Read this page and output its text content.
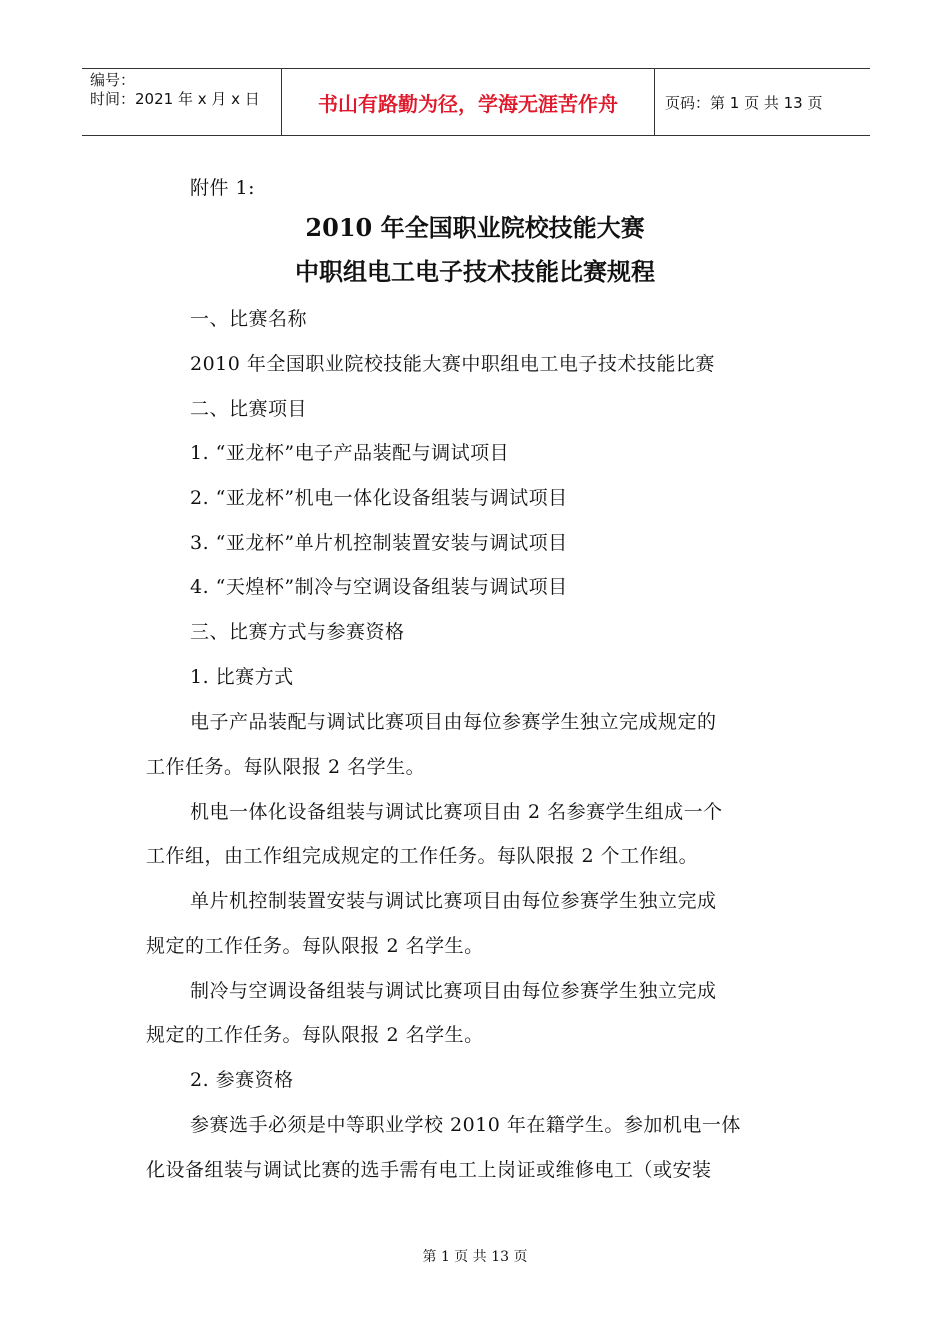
编号：
时间：2021 年 x 月 x 日	书山有路勤为径，学海无涯苦作舟	页码：第 1 页 共 13 页
附件 1:
2010 年全国职业院校技能大赛
中职组电工电子技术技能比赛规程
一、比赛名称
2010 年全国职业院校技能大赛中职组电工电子技术技能比赛
二、比赛项目
1. “亚龙杯”电子产品装配与调试项目
2. “亚龙杯”机电一体化设备组装与调试项目
3. “亚龙杯”单片机控制装置安装与调试项目
4. “天煌杯”制冷与空调设备组装与调试项目
三、比赛方式与参赛资格
1. 比赛方式
电子产品装配与调试比赛项目由每位参赛学生独立完成规定的
工作任务。每队限报 2 名学生。
机电一体化设备组装与调试比赛项目由 2 名参赛学生组成一个
工作组，由工作组完成规定的工作任务。每队限报 2 个工作组。
单片机控制装置安装与调试比赛项目由每位参赛学生独立完成
规定的工作任务。每队限报 2 名学生。
制冷与空调设备组装与调试比赛项目由每位参赛学生独立完成
规定的工作任务。每队限报 2 名学生。
2. 参赛资格
参赛选手必须是中等职业学校 2010 年在籍学生。参加机电一体
化设备组装与调试比赛的选手需有电工上岗证或维修电工（或安装
第 1 页 共 13 页
